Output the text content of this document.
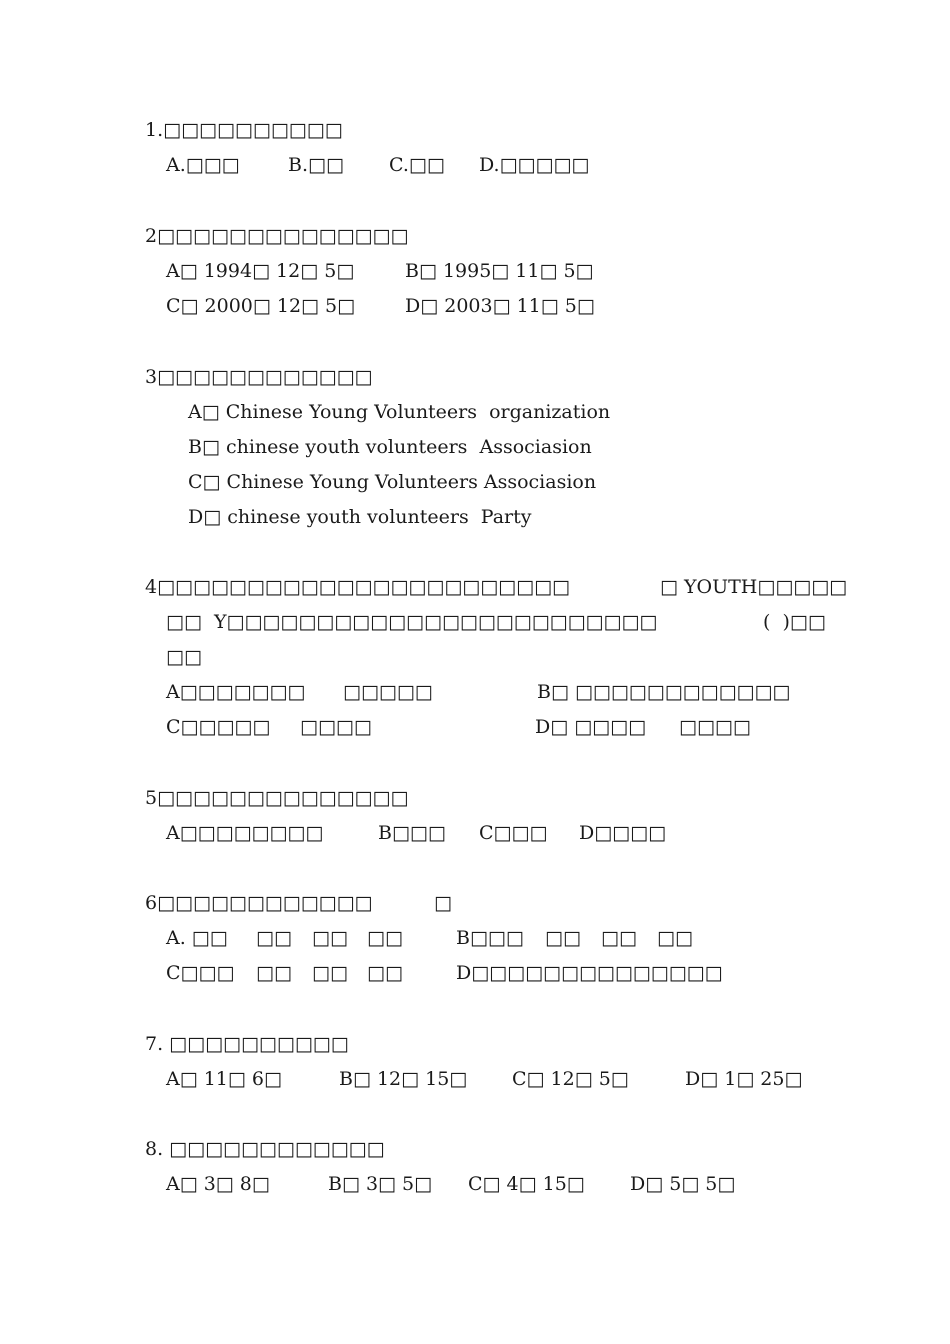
1.□□□□□□□□□□
A.□□□	B.□□ C.□□ D.□□□□□
2□□□□□□□□□□□□□□
A□ 1994□ 12□ 5□	B□ 1995□ 11□ 5□
C□ 2000□ 12□ 5□	D□ 2003□ 11□ 5□
3□□□□□□□□□□□□
A□ Chinese Young Volunteers  organization
B□ chinese youth volunteers  Associasion
C□ Chinese Young Volunteers Associasion
D□ chinese youth volunteers  Party
4□□□□□□□□□□□□□□□□□□□□□□□	□ YOUTH□□□□□
□□  Y□□□□□□□□□□□□□□□□□□□□□□□□	(  )□□
□□
A□□□□□□□ □□□□□	B□ □□□□□□□□□□□□
C□□□□□ □□□□	D□ □□□□ □□□□
5□□□□□□□□□□□□□□
A□□□□□□□□	B□□□ C□□□ D□□□□
6□□□□□□□□□□□□	□
A. □□ □□ □□ □□	B□□□ □□ □□ □□
C□□□ □□ □□ □□	D□□□□□□□□□□□□□□
7. □□□□□□□□□□
A□ 11□ 6□	B□ 12□ 15□ C□ 12□ 5□	D□ 1□ 25□
8. □□□□□□□□□□□□
A□ 3□ 8□	B□ 3□ 5□ C□ 4□ 15□ D□ 5□ 5□
